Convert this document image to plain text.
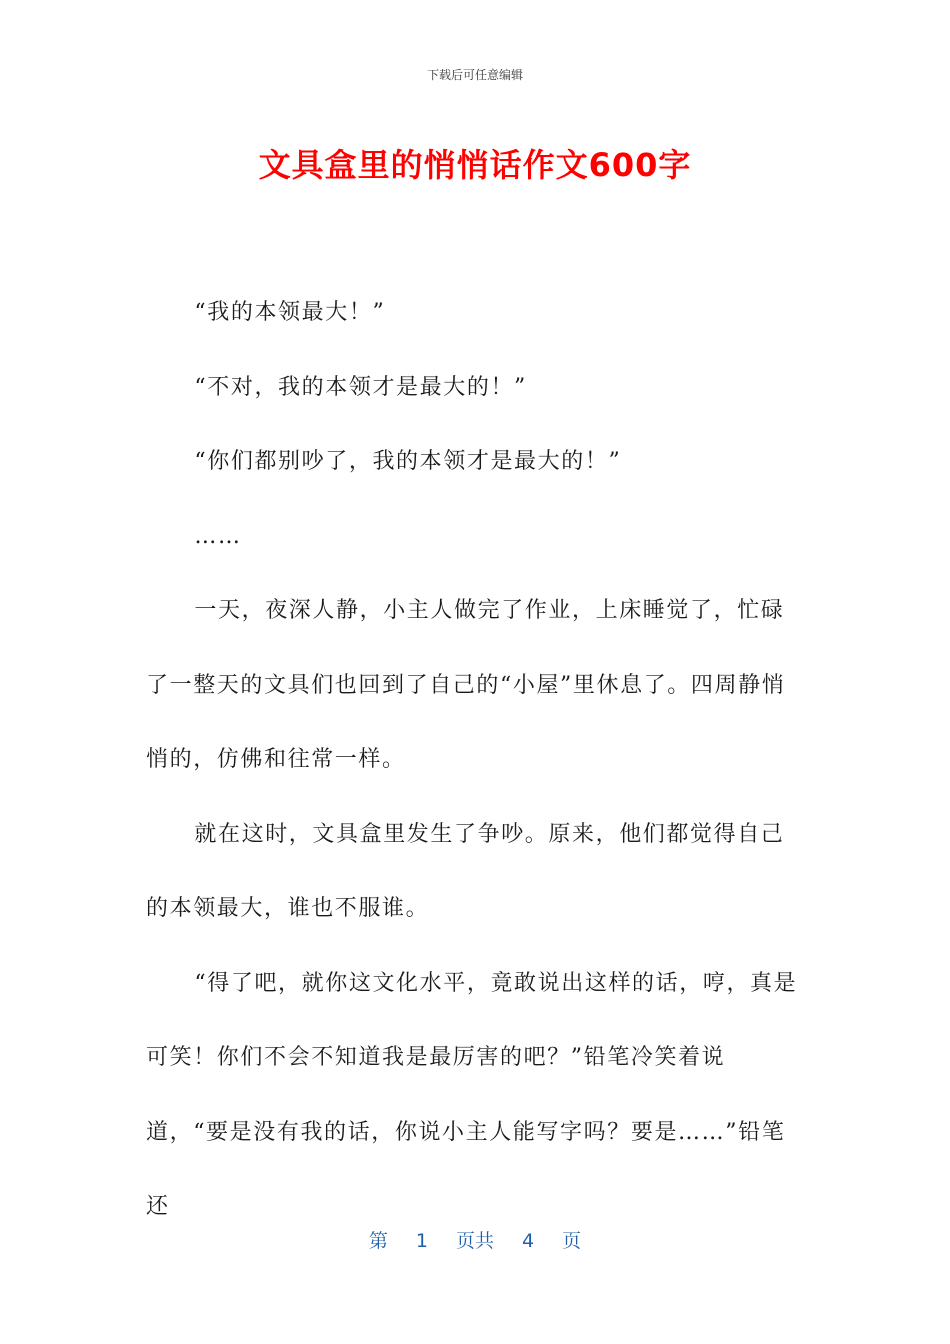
下载后可任意编辑
文具盒里的悄悄话作文600字

“我的本领最大！”

“不对，我的本领才是最大的！”

“你们都别吵了，我的本领才是最大的！”

……

一天，夜深人静，小主人做完了作业，上床睡觉了，忙碌了一整天的文具们也回到了自己的“小屋”里休息了。四周静悄悄的，仿佛和往常一样。

就在这时，文具盒里发生了争吵。原来，他们都觉得自己的本领最大，谁也不服谁。

“得了吧，就你这文化水平，竟敢说出这样的话，哼，真是可笑！你们不会不知道我是最厉害的吧？”铅笔冷笑着说道，“要是没有我的话，你说小主人能写字吗？要是……”铅笔还

第 1 页共 4 页
